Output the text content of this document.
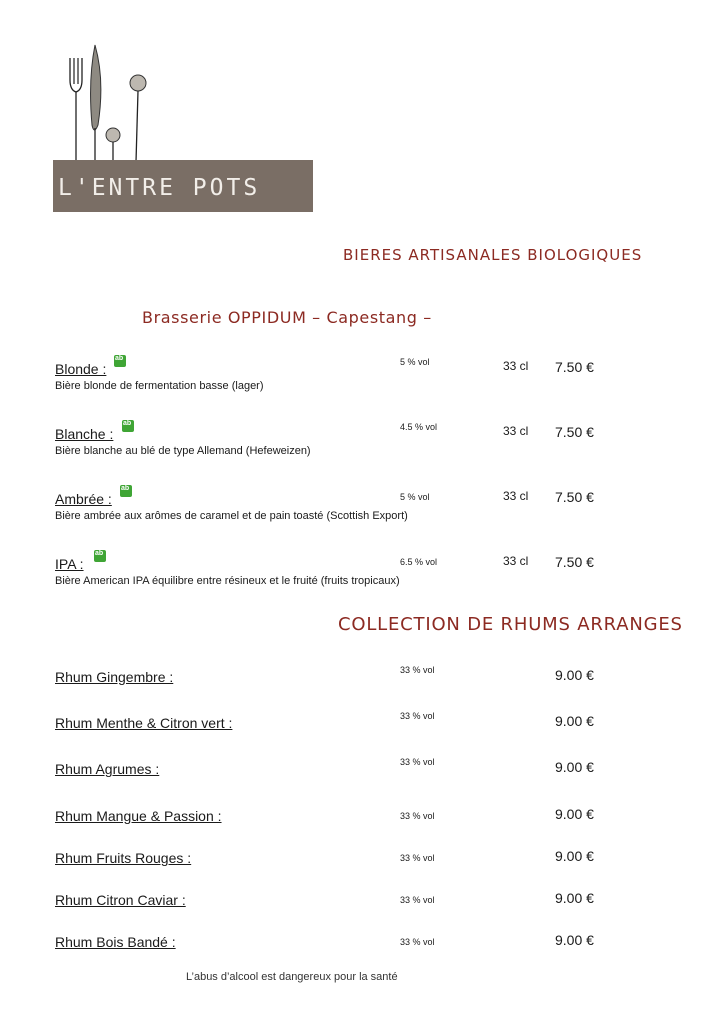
L'ENTRE POTS
BIERES ARTISANALES BIOLOGIQUES
Brasserie OPPIDUM – Capestang –
Blonde : ab	5 % vol	33 cl 7.50 €
Bière blonde de fermentation basse (lager)
Blanche : ab	4.5 % vol	33 cl 7.50 €
Bière blanche au blé de type Allemand (Hefeweizen)
Ambrée : ab	5 % vol	33 cl 7.50 €
Bière ambrée aux arômes de caramel et de pain toasté (Scottish Export)
IPA : ab	6.5 % vol	33 cl 7.50 €
Bière American IPA équilibre entre résineux et le fruité (fruits tropicaux)
COLLECTION DE RHUMS ARRANGES
Rhum Gingembre :	33 % vol	9.00 €
Rhum Menthe & Citron vert :	33 % vol	9.00 €
Rhum Agrumes :	33 % vol	9.00 €
Rhum Mangue & Passion :	33 % vol	9.00 €
Rhum Fruits Rouges :	33 % vol	9.00 €
Rhum Citron Caviar :	33 % vol	9.00 €
Rhum Bois Bandé :	33 % vol	9.00 €
L’abus d’alcool est dangereux pour la santé
